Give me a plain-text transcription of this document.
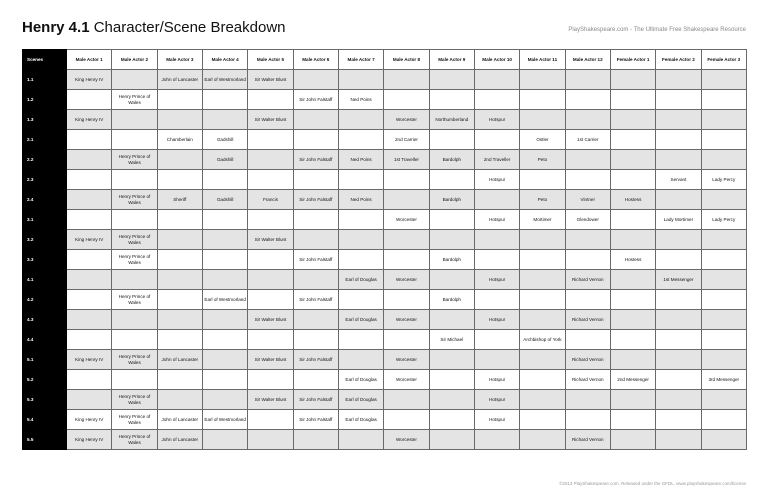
Henry 4.1 Character/Scene Breakdown	PlayShakespeare.com - The Ultimate Free Shakespeare Resource
Scenes	Male Actor 1	Male Actor 2	Male Actor 3	Male Actor 4	Male Actor 5	Male Actor 6	Male Actor 7	Male Actor 8	Male Actor 9	Male Actor 10	Male Actor 11	Male Actor 12	Female Actor 1	Female Actor 2	Female Actor 3
1.1	King Henry IV		John of Lancaster	Earl of Westmorland	Sir Walter Blunt										
1.2		Henry Prince of Wales				Sir John Falstaff	Ned Poins								
1.3	King Henry IV				Sir Walter Blunt			Worcester	Northumberland	Hotspur					
2.1			Chamberlain	Gadshill				2nd Carrier			Ostler	1st Carrier			
2.2		Henry Prince of Wales		Gadshill		Sir John Falstaff	Ned Poins	1st Traveller	Bardolph	2nd Traveller	Peto				
2.3										Hotspur				Servant	Lady Percy
2.4		Henry Prince of Wales	Sheriff	Gadshill	Francis	Sir John Falstaff	Ned Poins		Bardolph		Peto	Vintner	Hostess		
3.1								Worcester		Hotspur	Mortimer	Glendower		Lady Mortimer	Lady Percy
3.2	King Henry IV	Henry Prince of Wales			Sir Walter Blunt										
3.3		Henry Prince of Wales				Sir John Falstaff			Bardolph				Hostess		
4.1							Earl of Douglas	Worcester		Hotspur		Richard Vernon		1st Messenger	
4.2		Henry Prince of Wales		Earl of Westmorland		Sir John Falstaff			Bardolph						
4.3					Sir Walter Blunt		Earl of Douglas	Worcester		Hotspur		Richard Vernon			
4.4									Sir Michael		Archbishop of York				
5.1	King Henry IV	Henry Prince of Wales	John of Lancaster		Sir Walter Blunt	Sir John Falstaff		Worcester				Richard Vernon			
5.2							Earl of Douglas	Worcester		Hotspur		Richard Vernon	2nd Messenger		3rd Messenger
5.3		Henry Prince of Wales			Sir Walter Blunt	Sir John Falstaff	Earl of Douglas			Hotspur					
5.4	King Henry IV	Henry Prince of Wales	John of Lancaster	Earl of Westmorland		Sir John Falstaff	Earl of Douglas			Hotspur					
5.5	King Henry IV	Henry Prince of Wales	John of Lancaster					Worcester				Richard Vernon			
©2013 PlayShakespeare.com. Released under the GFDL. www.playshakespeare.com/license
